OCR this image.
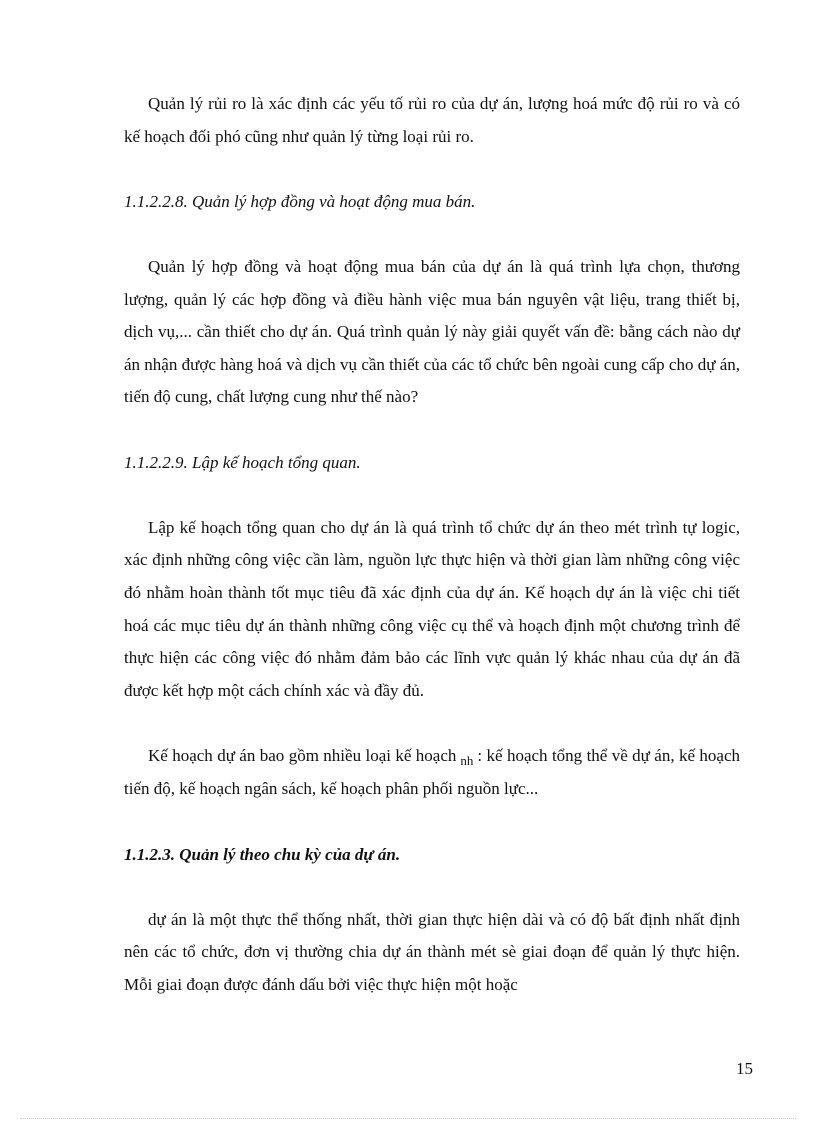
Quản lý rủi ro là xác định các yếu tố rủi ro của dự án, lượng hoá mức độ rủi ro và có kế hoạch đối phó cũng như quản lý từng loại rủi ro.

1.1.2.2.8. Quản lý hợp đồng và hoạt động mua bán.

Quản lý hợp đồng và hoạt động mua bán của dự án là quá trình lựa chọn, thương lượng, quản lý các hợp đồng và điều hành việc mua bán nguyên vật liệu, trang thiết bị, dịch vụ,... cần thiết cho dự án. Quá trình quản lý này giải quyết vấn đề: bằng cách nào dự án nhận được hàng hoá và dịch vụ cần thiết của các tổ chức bên ngoài cung cấp cho dự án, tiến độ cung, chất lượng cung như thế nào?

1.1.2.2.9. Lập kế hoạch tổng quan.

Lập kế hoạch tổng quan cho dự án là quá trình tổ chức dự án theo mét trình tự logic, xác định những công việc cần làm, nguồn lực thực hiện và thời gian làm những công việc đó nhằm hoàn thành tốt mục tiêu đã xác định của dự án. Kế hoạch dự án là việc chi tiết hoá các mục tiêu dự án thành những công việc cụ thể và hoạch định một chương trình để thực hiện các công việc đó nhằm đảm bảo các lĩnh vực quản lý khác nhau của dự án đã được kết hợp một cách chính xác và đầy đủ.

Kế hoạch dự án bao gồm nhiều loại kế hoạch $_{nh}$ : kế hoạch tổng thể về dự án, kế hoạch tiến độ, kế hoạch ngân sách, kế hoạch phân phối nguồn lực...

1.1.2.3. Quản lý theo chu kỳ của dự án.

dự án là một thực thể thống nhất, thời gian thực hiện dài và có độ bất định nhất định nên các tổ chức, đơn vị thường chia dự án thành mét sè giai đoạn để quản lý thực hiện. Mỗi giai đoạn được đánh dấu bởi việc thực hiện một hoặc

15
